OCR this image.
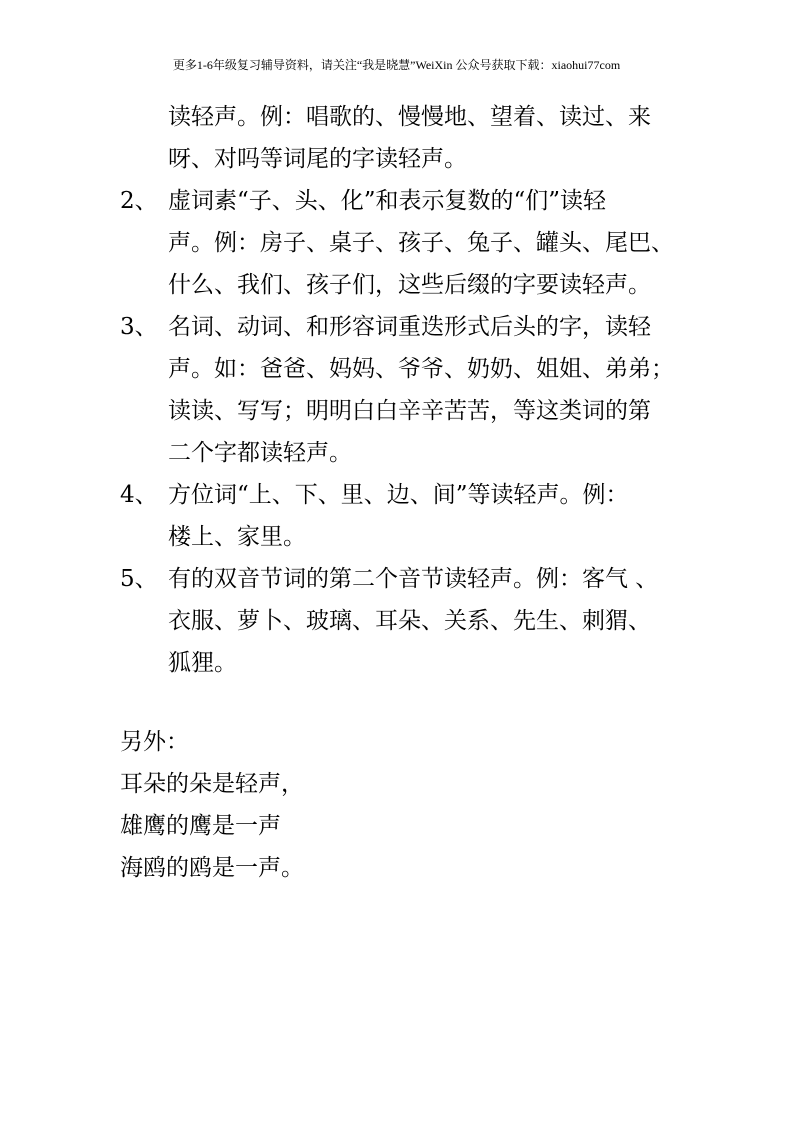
更多1-6年级复习辅导资料，请关注“我是晓慧”WeiXin 公众号获取下载：xiaohui77com
读轻声。例：唱歌的、慢慢地、望着、读过、来
呀、对吗等词尾的字读轻声。
2、 虚词素“子、头、化”和表示复数的“们”读轻
声。例：房子、桌子、孩子、兔子、罐头、尾巴、
什么、我们、孩子们，这些后缀的字要读轻声。
3、 名词、动词、和形容词重迭形式后头的字，读轻
声。如：爸爸、妈妈、爷爷、奶奶、姐姐、弟弟；
读读、写写；明明白白辛辛苦苦，等这类词的第
二个字都读轻声。
4、 方位词“上、下、里、边、间”等读轻声。例：
楼上、家里。
5、 有的双音节词的第二个音节读轻声。例：客气 、
衣服、萝卜、玻璃、耳朵、关系、先生、刺猬、
狐狸。
另外：
耳朵的朵是轻声，
雄鹰的鹰是一声
海鸥的鸥是一声。
